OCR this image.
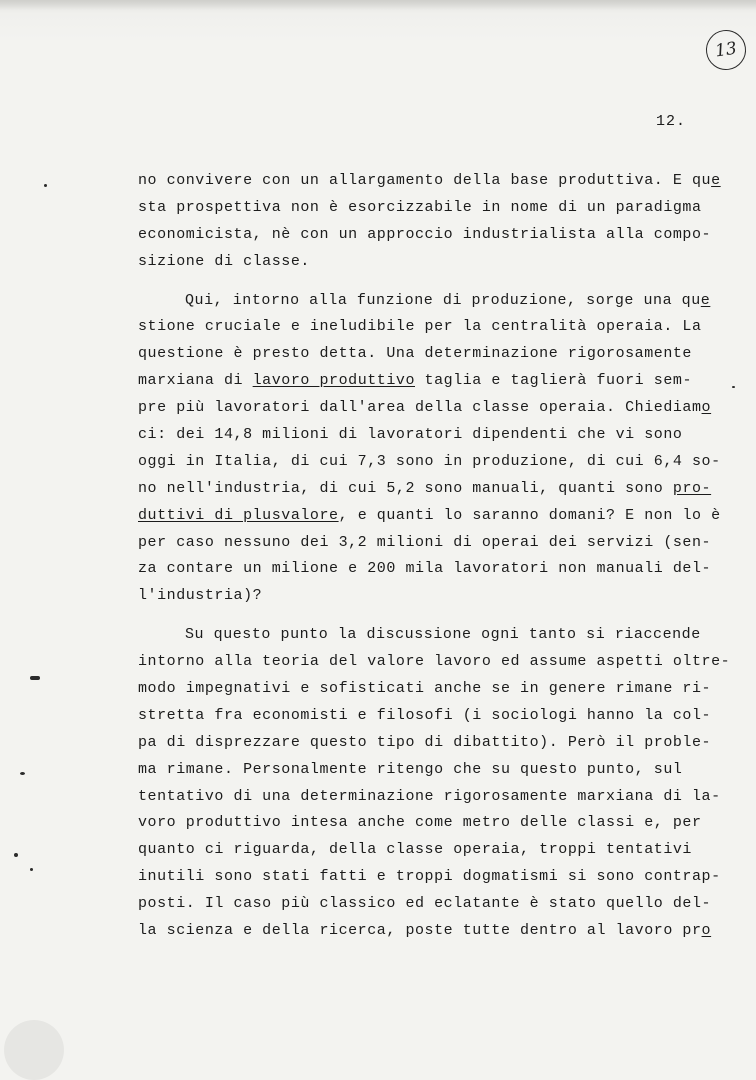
13
12.
no convivere con un allargamento della base produttiva. E que
sta prospettiva non è esorcizzabile in nome di un paradigma
economicista, nè con un approccio industrialista alla compo-
sizione di classe.
Qui, intorno alla funzione di produzione, sorge una que
stione cruciale e ineludibile per la centralità operaia. La
questione è presto detta. Una determinazione rigorosamente
marxiana di lavoro produttivo taglia e taglierà fuori sem-
pre più lavoratori dall'area della classe operaia. Chiediamo
ci: dei 14,8 milioni di lavoratori dipendenti che vi sono
oggi in Italia, di cui 7,3 sono in produzione, di cui 6,4 so-
no nell'industria, di cui 5,2 sono manuali, quanti sono pro-
duttivi di plusvalore, e quanti lo saranno domani? E non lo è
per caso nessuno dei 3,2 milioni di operai dei servizi (sen-
za contare un milione e 200 mila lavoratori non manuali del-
l'industria)?
Su questo punto la discussione ogni tanto si riaccende
intorno alla teoria del valore lavoro ed assume aspetti oltre-
modo impegnativi e sofisticati anche se in genere rimane ri-
stretta fra economisti e filosofi (i sociologi hanno la col-
pa di disprezzare questo tipo di dibattito). Però il proble-
ma rimane. Personalmente ritengo che su questo punto, sul
tentativo di una determinazione rigorosamente marxiana di la-
voro produttivo intesa anche come metro delle classi e, per
quanto ci riguarda, della classe operaia, troppi tentativi
inutili sono stati fatti e troppi dogmatismi si sono contrap-
posti. Il caso più classico ed eclatante è stato quello del-
la scienza e della ricerca, poste tutte dentro al lavoro pro
